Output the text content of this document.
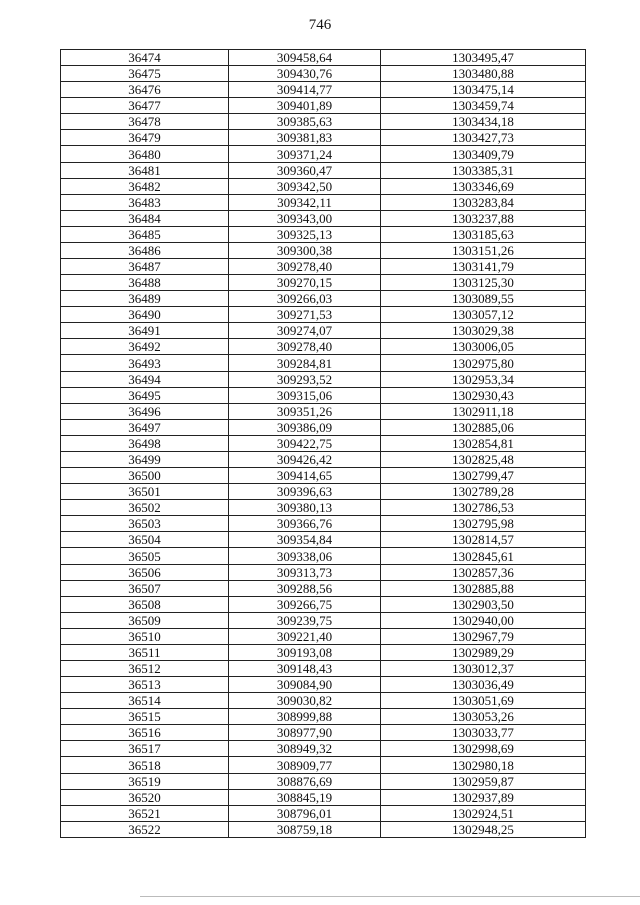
746
36474	309458,64	1303495,47
36475	309430,76	1303480,88
36476	309414,77	1303475,14
36477	309401,89	1303459,74
36478	309385,63	1303434,18
36479	309381,83	1303427,73
36480	309371,24	1303409,79
36481	309360,47	1303385,31
36482	309342,50	1303346,69
36483	309342,11	1303283,84
36484	309343,00	1303237,88
36485	309325,13	1303185,63
36486	309300,38	1303151,26
36487	309278,40	1303141,79
36488	309270,15	1303125,30
36489	309266,03	1303089,55
36490	309271,53	1303057,12
36491	309274,07	1303029,38
36492	309278,40	1303006,05
36493	309284,81	1302975,80
36494	309293,52	1302953,34
36495	309315,06	1302930,43
36496	309351,26	1302911,18
36497	309386,09	1302885,06
36498	309422,75	1302854,81
36499	309426,42	1302825,48
36500	309414,65	1302799,47
36501	309396,63	1302789,28
36502	309380,13	1302786,53
36503	309366,76	1302795,98
36504	309354,84	1302814,57
36505	309338,06	1302845,61
36506	309313,73	1302857,36
36507	309288,56	1302885,88
36508	309266,75	1302903,50
36509	309239,75	1302940,00
36510	309221,40	1302967,79
36511	309193,08	1302989,29
36512	309148,43	1303012,37
36513	309084,90	1303036,49
36514	309030,82	1303051,69
36515	308999,88	1303053,26
36516	308977,90	1303033,77
36517	308949,32	1302998,69
36518	308909,77	1302980,18
36519	308876,69	1302959,87
36520	308845,19	1302937,89
36521	308796,01	1302924,51
36522	308759,18	1302948,25
